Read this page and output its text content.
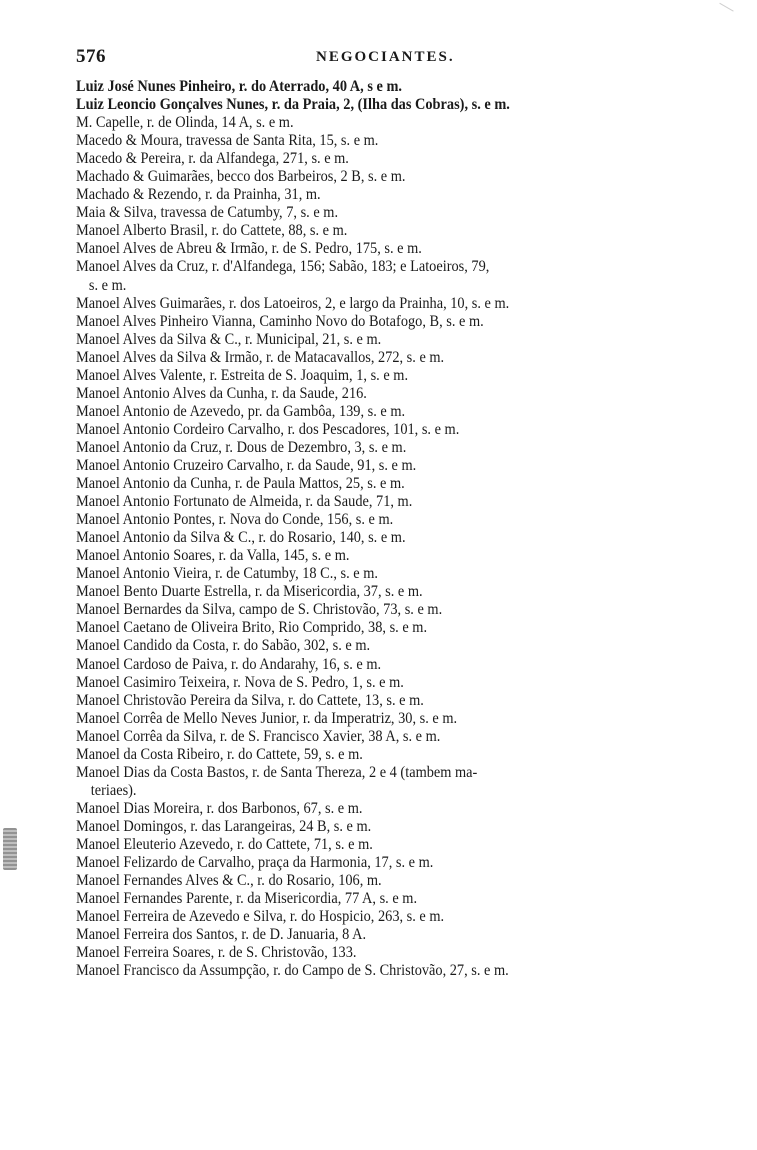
576	NEGOCIANTES.
Luiz José Nunes Pinheiro, r. do Aterrado, 40 A, s e m.
Luiz Leoncio Gonçalves Nunes, r. da Praia, 2, (Ilha das Cobras), s. e m.
M. Capelle, r. de Olinda, 14 A, s. e m.
Macedo & Moura, travessa de Santa Rita, 15, s. e m.
Macedo & Pereira, r. da Alfandega, 271, s. e m.
Machado & Guimarães, becco dos Barbeiros, 2 B, s. e m.
Machado & Rezendo, r. da Prainha, 31, m.
Maia & Silva, travessa de Catumby, 7, s. e m.
Manoel Alberto Brasil, r. do Cattete, 88, s. e m.
Manoel Alves de Abreu & Irmão, r. de S. Pedro, 175, s. e m.
Manoel Alves da Cruz, r. d'Alfandega, 156; Sabão, 183; e Latoeiros, 79,
s. e m.
Manoel Alves Guimarães, r. dos Latoeiros, 2, e largo da Prainha, 10, s. e m.
Manoel Alves Pinheiro Vianna, Caminho Novo do Botafogo, B, s. e m.
Manoel Alves da Silva & C., r. Municipal, 21, s. e m.
Manoel Alves da Silva & Irmão, r. de Matacavallos, 272, s. e m.
Manoel Alves Valente, r. Estreita de S. Joaquim, 1, s. e m.
Manoel Antonio Alves da Cunha, r. da Saude, 216.
Manoel Antonio de Azevedo, pr. da Gambôa, 139, s. e m.
Manoel Antonio Cordeiro Carvalho, r. dos Pescadores, 101, s. e m.
Manoel Antonio da Cruz, r. Dous de Dezembro, 3, s. e m.
Manoel Antonio Cruzeiro Carvalho, r. da Saude, 91, s. e m.
Manoel Antonio da Cunha, r. de Paula Mattos, 25, s. e m.
Manoel Antonio Fortunato de Almeida, r. da Saude, 71, m.
Manoel Antonio Pontes, r. Nova do Conde, 156, s. e m.
Manoel Antonio da Silva & C., r. do Rosario, 140, s. e m.
Manoel Antonio Soares, r. da Valla, 145, s. e m.
Manoel Antonio Vieira, r. de Catumby, 18 C., s. e m.
Manoel Bento Duarte Estrella, r. da Misericordia, 37, s. e m.
Manoel Bernardes da Silva, campo de S. Christovão, 73, s. e m.
Manoel Caetano de Oliveira Brito, Rio Comprido, 38, s. e m.
Manoel Candido da Costa, r. do Sabão, 302, s. e m.
Manoel Cardoso de Paiva, r. do Andarahy, 16, s. e m.
Manoel Casimiro Teixeira, r. Nova de S. Pedro, 1, s. e m.
Manoel Christovão Pereira da Silva, r. do Cattete, 13, s. e m.
Manoel Corrêa de Mello Neves Junior, r. da Imperatriz, 30, s. e m.
Manoel Corrêa da Silva, r. de S. Francisco Xavier, 38 A, s. e m.
Manoel da Costa Ribeiro, r. do Cattete, 59, s. e m.
Manoel Dias da Costa Bastos, r. de Santa Thereza, 2 e 4 (tambem ma-
teriaes).
Manoel Dias Moreira, r. dos Barbonos, 67, s. e m.
Manoel Domingos, r. das Larangeiras, 24 B, s. e m.
Manoel Eleuterio Azevedo, r. do Cattete, 71, s. e m.
Manoel Felizardo de Carvalho, praça da Harmonia, 17, s. e m.
Manoel Fernandes Alves & C., r. do Rosario, 106, m.
Manoel Fernandes Parente, r. da Misericordia, 77 A, s. e m.
Manoel Ferreira de Azevedo e Silva, r. do Hospicio, 263, s. e m.
Manoel Ferreira dos Santos, r. de D. Januaria, 8 A.
Manoel Ferreira Soares, r. de S. Christovão, 133.
Manoel Francisco da Assumpção, r. do Campo de S. Christovão, 27, s. e m.
